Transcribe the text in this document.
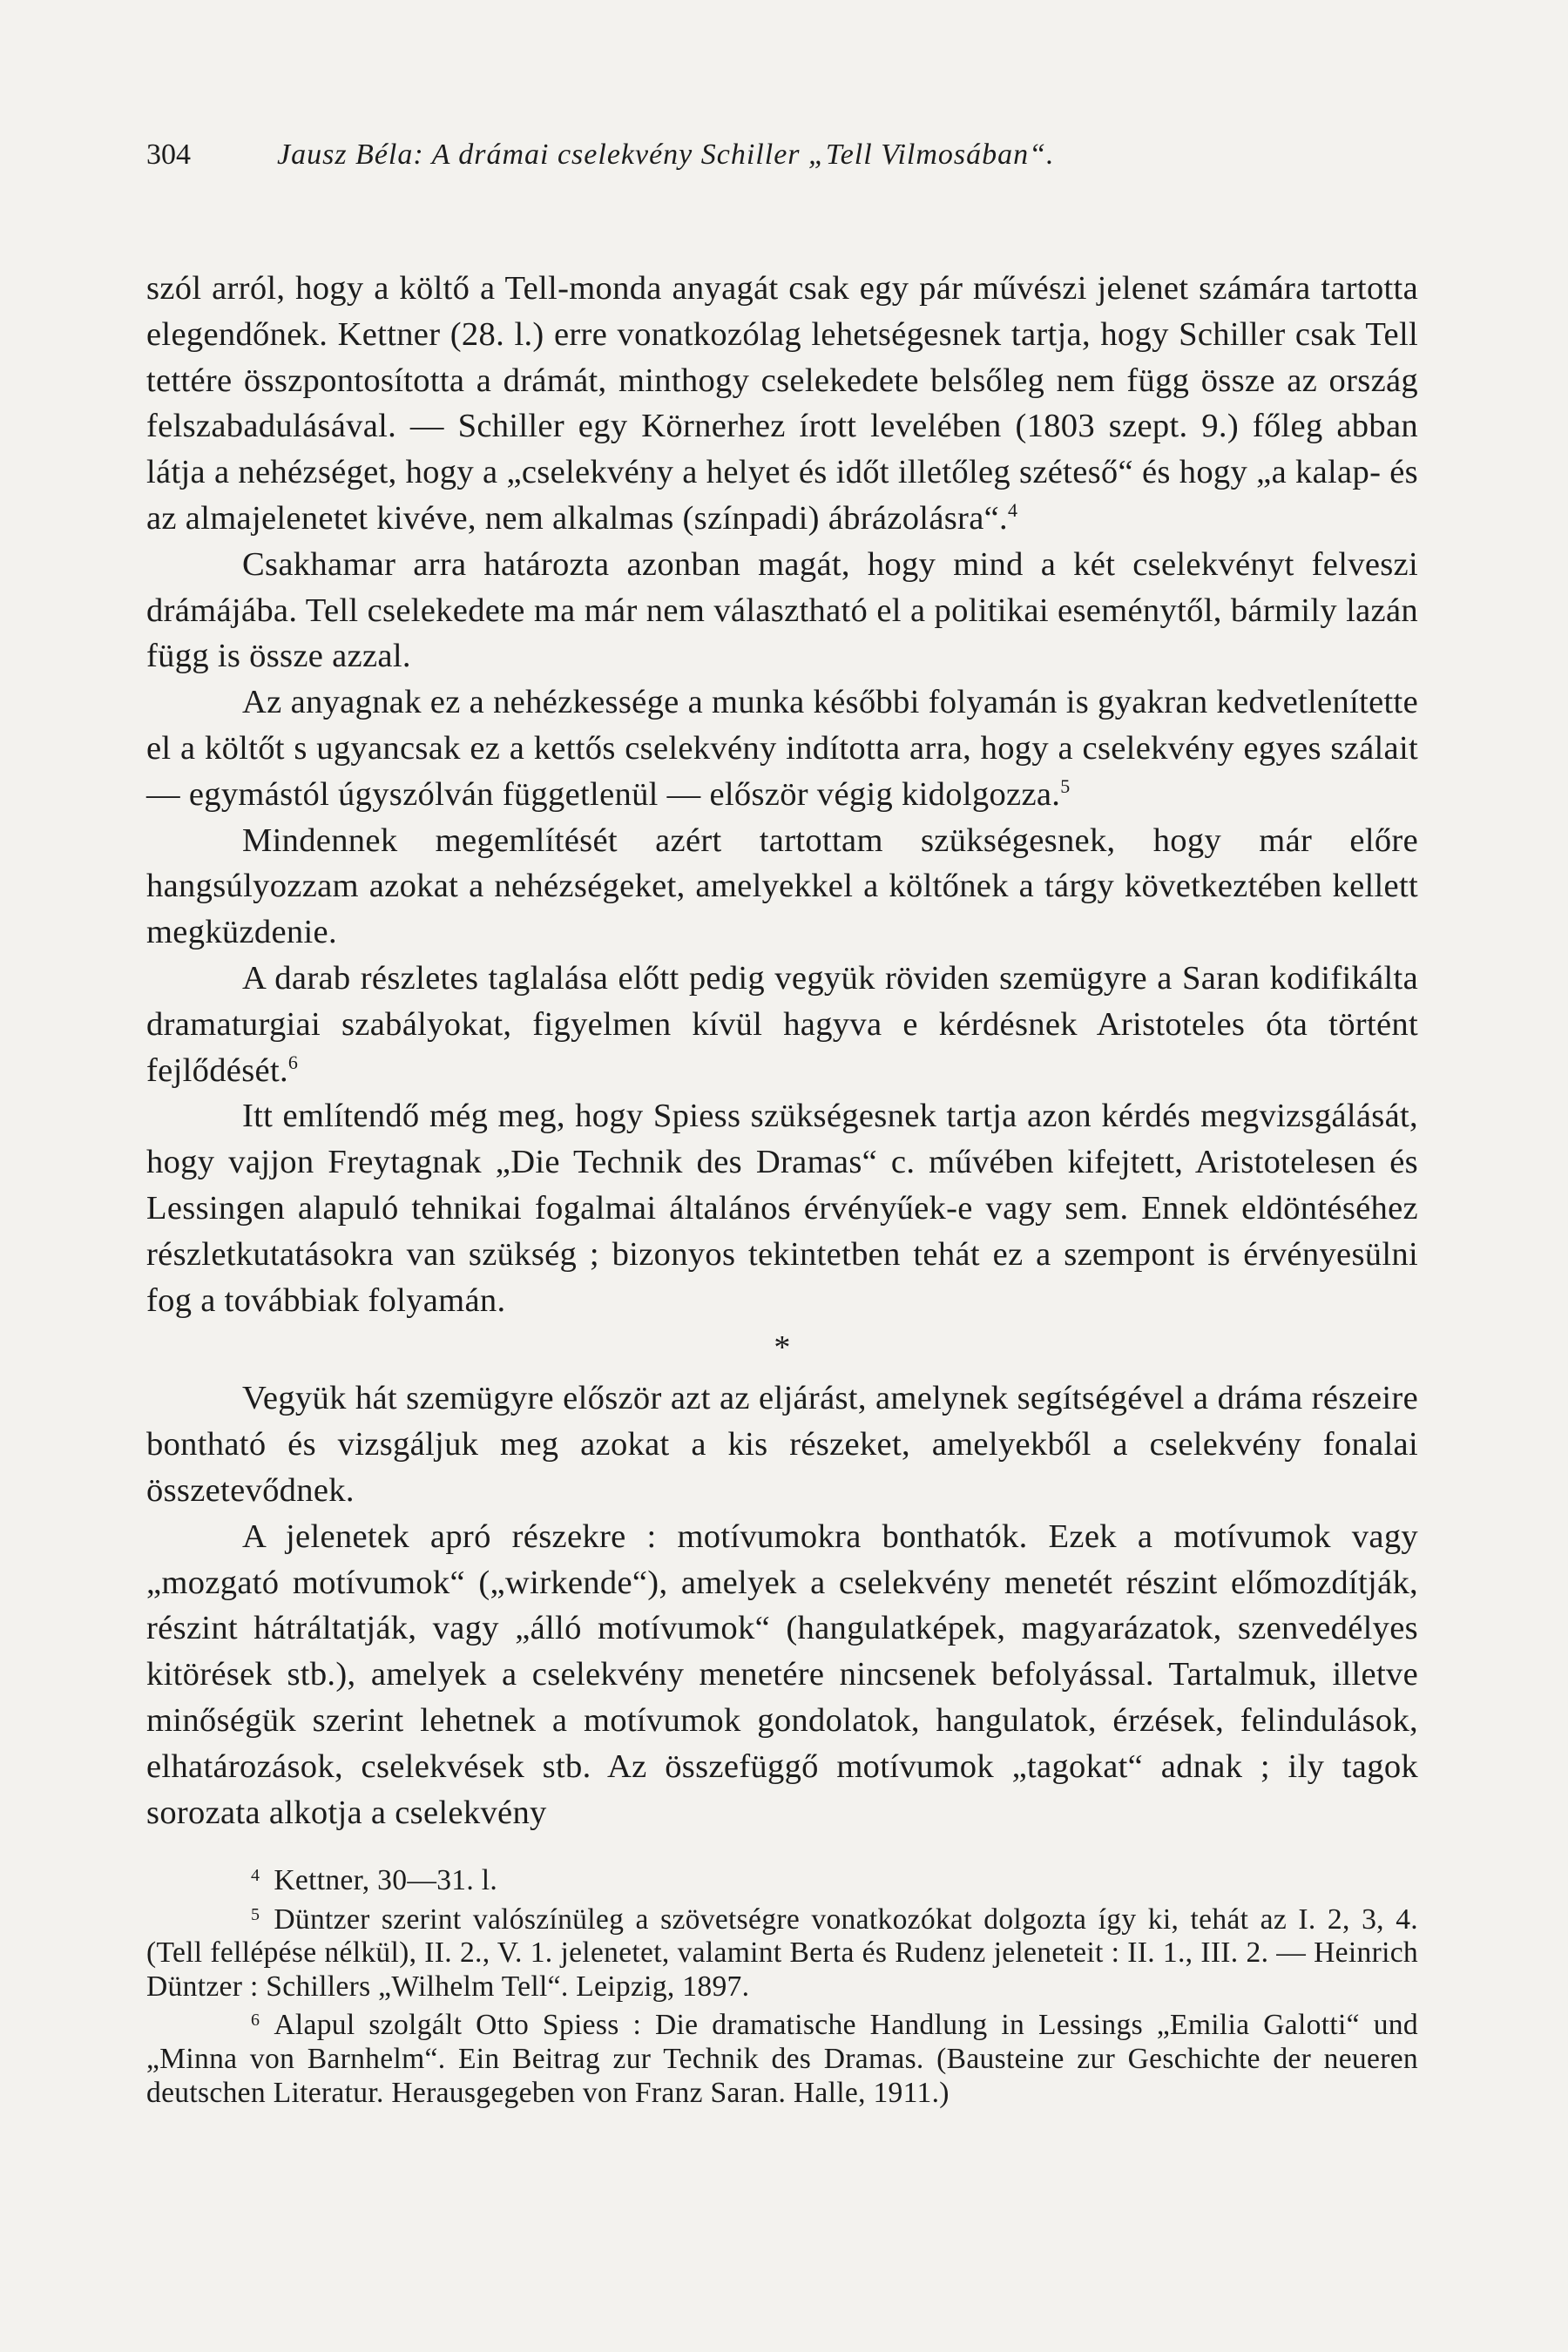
304	Jausz Béla: A drámai cselekvény Schiller „Tell Vilmosában“.

szól arról, hogy a költő a Tell-monda anyagát csak egy pár művészi jelenet számára tartotta elegendőnek. Kettner (28. l.) erre vonatkozólag lehetségesnek tartja, hogy Schiller csak Tell tettére összpontosította a drámát, minthogy cselekedete belsőleg nem függ össze az ország felszabadulásával. — Schiller egy Körnerhez írott levelében (1803 szept. 9.) főleg abban látja a nehézséget, hogy a „cselekvény a helyet és időt illetőleg széteső“ és hogy „a kalap- és az almajelenetet kivéve, nem alkalmas (színpadi) ábrázolásra“.$^4$

Csakhamar arra határozta azonban magát, hogy mind a két cselekvényt felveszi drámájába. Tell cselekedete ma már nem választható el a politikai eseménytől, bármily lazán függ is össze azzal.

Az anyagnak ez a nehézkessége a munka későbbi folyamán is gyakran kedvetlenítette el a költőt s ugyancsak ez a kettős cselekvény indította arra, hogy a cselekvény egyes szálait — egymástól úgyszólván függetlenül — először végig kidolgozza.$^5$

Mindennek megemlítését azért tartottam szükségesnek, hogy már előre hangsúlyozzam azokat a nehézségeket, amelyekkel a költőnek a tárgy következtében kellett megküzdenie.

A darab részletes taglalása előtt pedig vegyük röviden szemügyre a Saran kodifikálta dramaturgiai szabályokat, figyelmen kívül hagyva e kérdésnek Aristoteles óta történt fejlődését.$^6$

Itt említendő még meg, hogy Spiess szükségesnek tartja azon kérdés megvizsgálását, hogy vajjon Freytagnak „Die Technik des Dramas“ c. művében kifejtett, Aristotelesen és Lessingen alapuló tehnikai fogalmai általános érvényűek-e vagy sem. Ennek eldöntéséhez részletkutatásokra van szükség ; bizonyos tekintetben tehát ez a szempont is érvényesülni fog a továbbiak folyamán.

*

Vegyük hát szemügyre először azt az eljárást, amelynek segítségével a dráma részeire bontható és vizsgáljuk meg azokat a kis részeket, amelyekből a cselekvény fonalai összetevődnek.

A jelenetek apró részekre : motívumokra bonthatók. Ezek a motívumok vagy „mozgató motívumok“ („wirkende“), amelyek a cselekvény menetét részint előmozdítják, részint hátráltatják, vagy „álló motívumok“ (hangulatképek, magyarázatok, szenvedélyes kitörések stb.), amelyek a cselekvény menetére nincsenek befolyással. Tartalmuk, illetve minőségük szerint lehetnek a motívumok gondolatok, hangulatok, érzések, felindulások, elhatározások, cselekvések stb. Az összefüggő motívumok „tagokat“ adnak ; ily tagok sorozata alkotja a cselekvény

$^4$ Kettner, 30—31. l.

$^5$ Düntzer szerint valószínüleg a szövetségre vonatkozókat dolgozta így ki, tehát az I. 2, 3, 4. (Tell fellépése nélkül), II. 2., V. 1. jelenetet, valamint Berta és Rudenz jeleneteit : II. 1., III. 2. — Heinrich Düntzer : Schillers „Wilhelm Tell“. Leipzig, 1897.

$^6$ Alapul szolgált Otto Spiess : Die dramatische Handlung in Lessings „Emilia Galotti“ und „Minna von Barnhelm“. Ein Beitrag zur Technik des Dramas. (Bausteine zur Geschichte der neueren deutschen Literatur. Herausgegeben von Franz Saran. Halle, 1911.)
